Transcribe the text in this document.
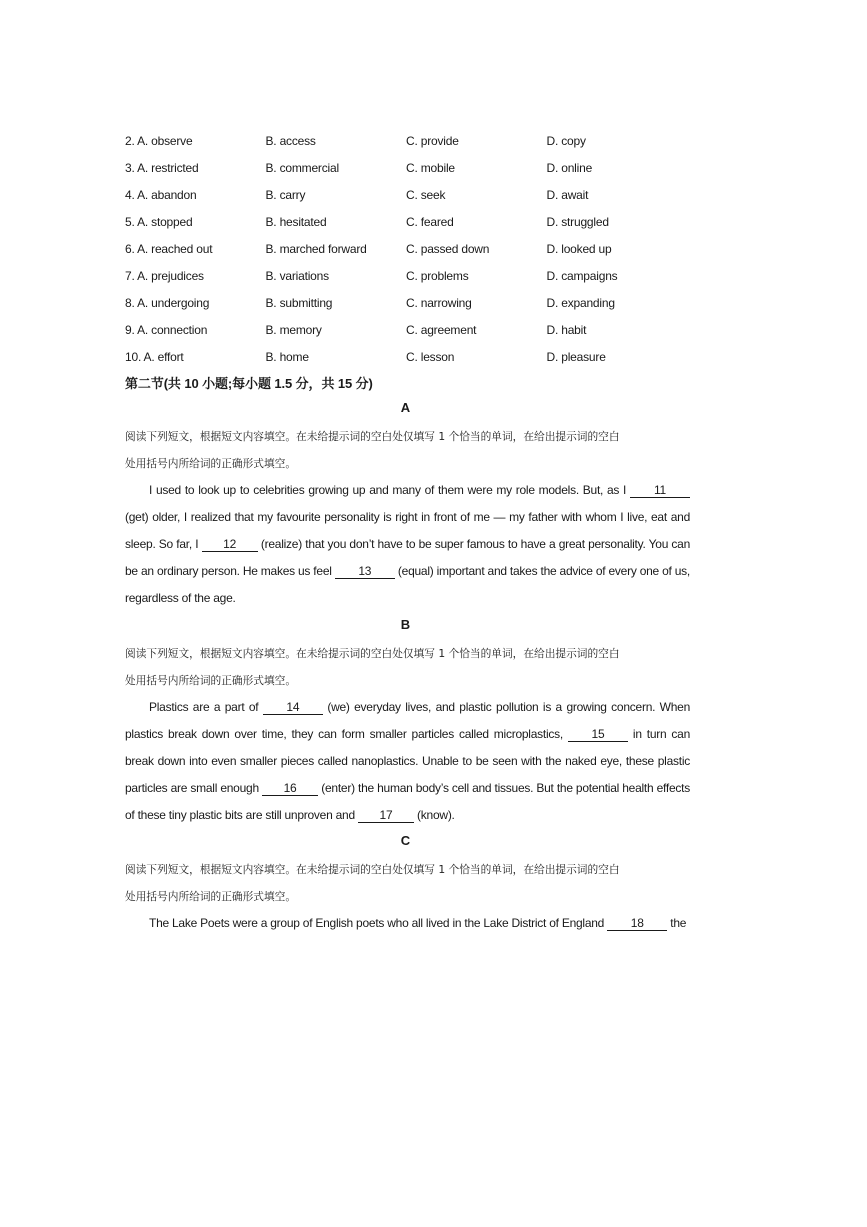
2. A. observe	B. access	C. provide	D. copy
3. A. restricted	B. commercial	C. mobile	D. online
4. A. abandon	B. carry	C. seek	D. await
5. A. stopped	B. hesitated	C. feared	D. struggled
6. A. reached out	B. marched forward	C. passed down	D. looked up
7. A. prejudices	B. variations	C. problems	D. campaigns
8. A. undergoing	B. submitting	C. narrowing	D. expanding
9. A. connection	B. memory	C. agreement	D. habit
10. A. effort	B. home	C. lesson	D. pleasure
第二节(共 10 小题;每小题 1.5 分，共 15 分)
A
阅读下列短文，根据短文内容填空。在未给提示词的空白处仅填写 1 个恰当的单词，在给出提示词的空白
处用括号内所给词的正确形式填空。

I used to look up to celebrities growing up and many of them were my role models. But, as I 11 (get) older, I realized that my favourite personality is right in front of me — my father with whom I live, eat and sleep. So far, I 12 (realize) that you don’t have to be super famous to have a great personality. You can be an ordinary person. He makes us feel 13 (equal) important and takes the advice of every one of us, regardless of the age.

B
阅读下列短文，根据短文内容填空。在未给提示词的空白处仅填写 1 个恰当的单词，在给出提示词的空白
处用括号内所给词的正确形式填空。

Plastics are a part of 14 (we) everyday lives, and plastic pollution is a growing concern. When plastics break down over time, they can form smaller particles called microplastics, 15 in turn can break down into even smaller pieces called nanoplastics. Unable to be seen with the naked eye, these plastic particles are small enough 16 (enter) the human body’s cell and tissues. But the potential health effects of these tiny plastic bits are still unproven and 17 (know).

C
阅读下列短文，根据短文内容填空。在未给提示词的空白处仅填写 1 个恰当的单词，在给出提示词的空白
处用括号内所给词的正确形式填空。

The Lake Poets were a group of English poets who all lived in the Lake District of England 18 the
